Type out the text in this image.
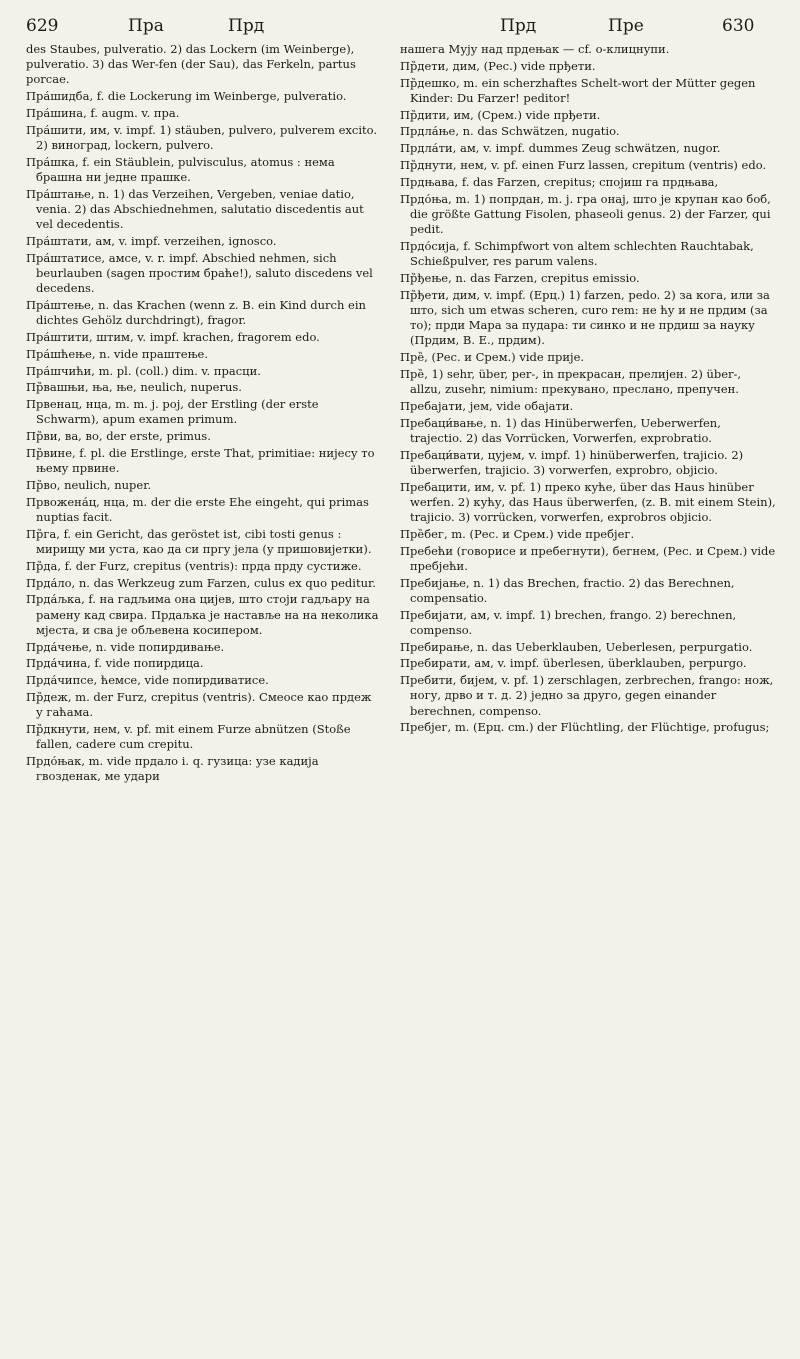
629	Пра	Прд	Прд	Пре	630

des Staubes, pulveratio. 2) das Lockern (im Weinberge), pulveratio. 3) das Wer-fen (der Sau), das Ferkeln, partus porcae.

Пра́шидба, f. die Lockerung im Weinberge, pulveratio.

Пра́шина, f. augm. v. прa.

Пра́шити, им, v. impf. 1) stäuben, pulvero, pulverem excito. 2) виноград, lockern, pulvero.

Пра́шка, f. ein Stäublein, pulvisculus, atomus : нема брашна ни једне прашке.

Пра́штање, n. 1) das Verzeihen, Vergeben, veniae datio, venia. 2) das Abschiednehmen, salutatio discedentis aut vel decedentis.

Пра́штати, ам, v. impf. verzeihen, ignosco.

Пра́штатисе, амсе, v. r. impf. Abschied nehmen, sich beurlauben (sagen простим браће!), saluto discedens vel decedens.

Пра́штење, n. das Krachen (wenn z. B. ein Kind durch ein dichtes Gehölz durchdringt), fragor.

Пра́штити, штим, v. impf. krachen, fragorem edo.

Пра́шћење, n. vide праштење.

Пра́шчићи, m. pl. (coll.) dim. v. прасци.

Пр̏вашњи, ња, ње, neulich, nuperus.

Првенац, нца, m. m. j. рој, der Erstling (der erste Schwarm), apum examen primum.

Пр̏ви, ва, во, der erste, primus.

Пр̏вине, f. pl. die Erstlinge, erste That, primitiae: нијесу то њему првине.

Пр̏во, neulich, nuper.

Првожена́ц, нца, m. der die erste Ehe eingeht, qui primas nuptias facit.

Пр̏га, f. ein Gericht, das geröstet ist, cibi tosti genus : мирищу ми уста, као да си пргу јела (у пришовијетки).

Пр̏да, f. der Furz, crepitus (ventris): прда прду сустиже.

Прда́ло, n. das Werkzeug zum Farzen, culus ex quo peditur.

Прда́љка, f. на гадљима она цијев, што стоји гадљару на рамену кад свира. Прдаљка је наставље на на неколика мјеста, и сва је обљевена косипером.

Прда́чење, n. vide попирдивање.

Прда́чина, f. vide попирдица.

Прда́чипсе, ћемсе, vide попирдиватисе.

Пр̏деж, m. der Furz, crepitus (ventris). Смеосе као прдеж у гаћама.

Пр̏дкнути, нем, v. pf. mit einem Furze abnützen (Stoße fallen, cadere cum crepitu.

Прдо́њак, m. vide прдало i. q. гузица: узе кадија гвозденак, ме удари

нашега Мују над прдењак — cf. о-клицнупи.

Пр̏дети, дим, (Рес.) vide прђети.

Пр̏дешко, m. ein scherzhaftes Schelt-wort der Mütter gegen Kinder: Du Farzer! peditor!

Пр̏дити, им, (Срем.) vide прђети.

Прдла́ње, n. das Schwätzen, nugatio.

Прдла́ти, ам, v. impf. dummes Zeug schwätzen, nugor.

Пр̏днути, нем, v. pf. einen Furz lassen, crepitum (ventris) edo.

Прдњава, f. das Farzen, crepitus; спојиш га прдњава,

Прдо́ња, m. 1) попрдан, m. j. гра онај, што је крупан као боб, die größte Gattung Fisolen, phaseoli genus. 2) der Farzer, qui pedit.

Прдо́сија, f. Schimpfwort von altem schlechten Rauchtabak, Schießpulver, res parum valens.

Пр̏ђење, n. das Farzen, crepitus emissio.

Пр̏ђети, дим, v. impf. (Ерц.) 1) farzen, pedo. 2) за кога, или за што, sich um etwas scheren, curo rem: не ћу и не прдим (за то); прди Мара за пудара: ти синко и не прдиш за науку (Прдим, B. E., прдим).

Пре̏, (Рес. и Срем.) vide прије.

Пре̏, 1) sehr, über, per-, in прекрасан, прелијен. 2) über-, allzu, zusehr, nimium: прекувано, пресланo, препучен.

Пребајати, јем, vide обајати.

Пребаци́вање, n. 1) das Hinüberwerfen, Ueberwerfen, trajectio. 2) das Vorrücken, Vorwerfen, exprobratio.

Пребаци́вати, цујем, v. impf. 1) hinüberwerfen, trajicio. 2) überwerfen, trajicio. 3) vorwerfen, exprobro, objicio.

Пребацити, им, v. pf. 1) преко куће, über das Haus hinüber werfen. 2) кућу, das Haus überwerfen, (z. B. mit einem Stein), trajicio. 3) vorrücken, vorwerfen, exprobros objicio.

Пре̏бег, m. (Рес. и Срем.) vide пребјег.

Пребећи (говорисе и пребегнути), бегнем, (Рес. и Срем.) vide пребјећи.

Пребијање, n. 1) das Brechen, fractio. 2) das Berechnen, compensatio.

Пребијати, ам, v. impf. 1) brechen, frango. 2) berechnen, compenso.

Пребирање, n. das Ueberklauben, Ueberlesen, perpurgatio.

Пребирати, ам, v. impf. überlesen, überklauben, perpurgo.

Пребити, бијем, v. pf. 1) zerschlagen, zerbrechen, frango: нож, ногу, дрво и т. д. 2) једно за друго, gegen einander berechnen, compenso.

Пребјег, m. (Ерц. cm.) der Flüchtling, der Flüchtige, profugus;
